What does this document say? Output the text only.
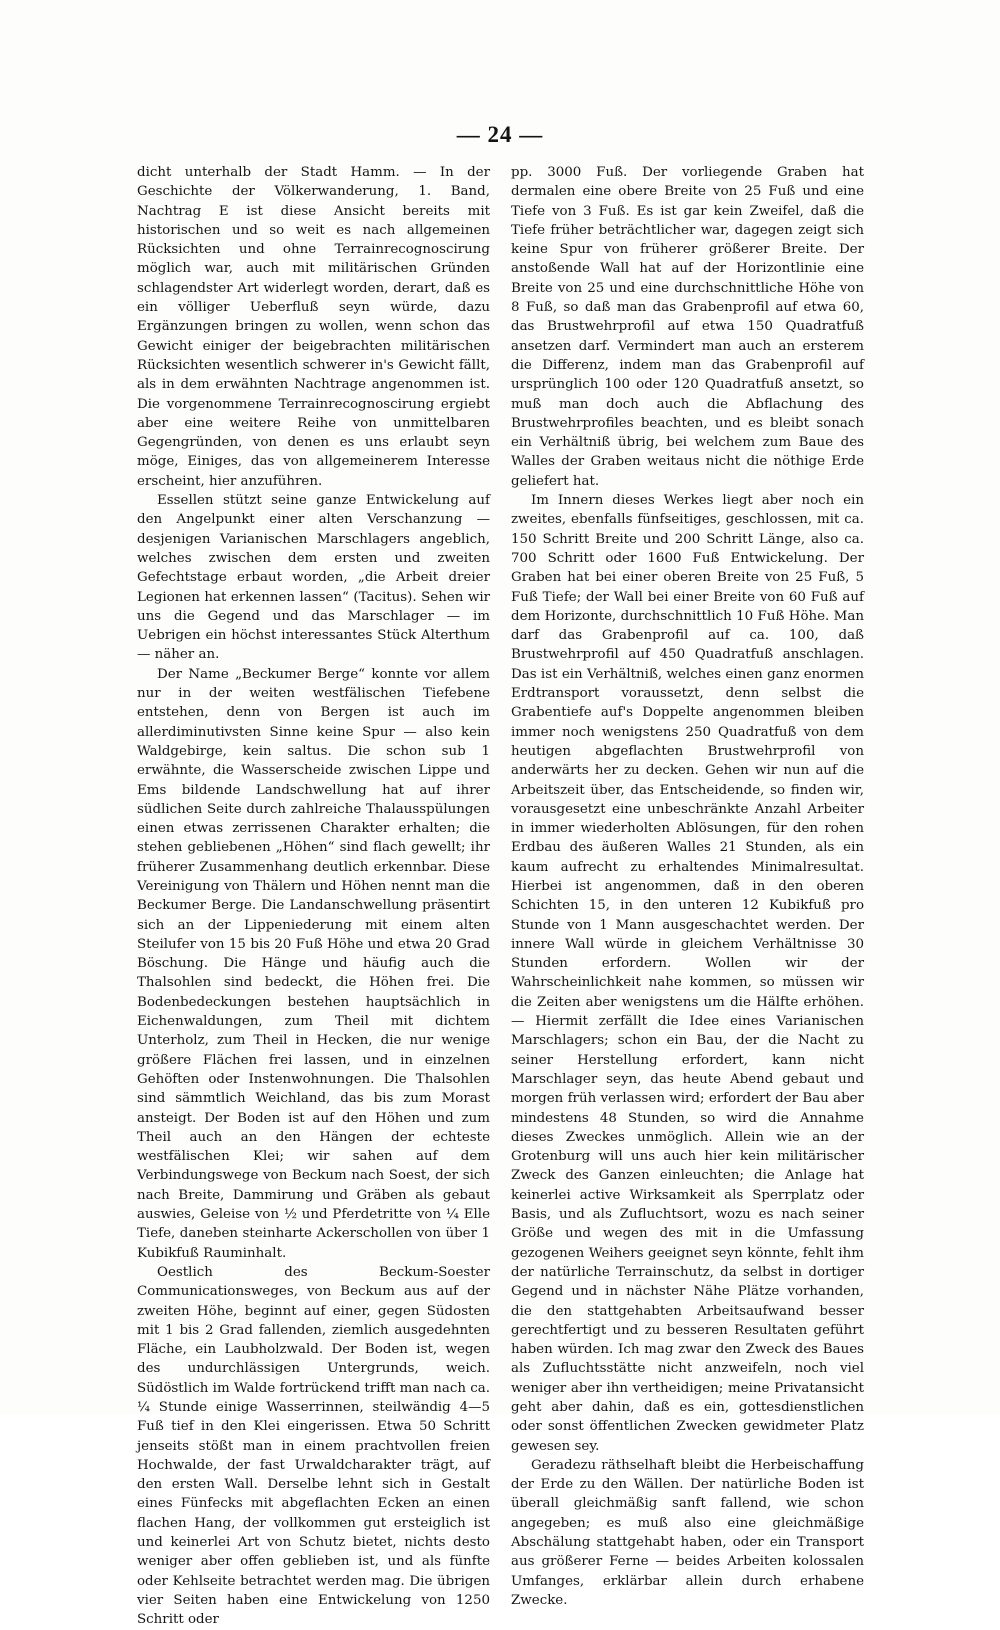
— 24 —

dicht unterhalb der Stadt Hamm. — In der Geschichte der Völkerwanderung, 1. Band, Nachtrag E ist diese Ansicht bereits mit historischen und so weit es nach allgemeinen Rücksichten und ohne Terrainrecognoscirung möglich war, auch mit militärischen Gründen schlagendster Art widerlegt worden, derart, daß es ein völliger Ueberfluß seyn würde, dazu Ergänzungen bringen zu wollen, wenn schon das Gewicht einiger der beigebrachten militärischen Rücksichten wesentlich schwerer in's Gewicht fällt, als in dem erwähnten Nachtrage angenommen ist. Die vorgenommene Terrainrecognoscirung ergiebt aber eine weitere Reihe von unmittelbaren Gegengründen, von denen es uns erlaubt seyn möge, Einiges, das von allgemeinerem Interesse erscheint, hier anzuführen.

Essellen stützt seine ganze Entwickelung auf den Angelpunkt einer alten Verschanzung — desjenigen Varianischen Marschlagers angeblich, welches zwischen dem ersten und zweiten Gefechtstage erbaut worden, „die Arbeit dreier Legionen hat erkennen lassen“ (Tacitus). Sehen wir uns die Gegend und das Marschlager — im Uebrigen ein höchst interessantes Stück Alterthum — näher an.

Der Name „Beckumer Berge“ konnte vor allem nur in der weiten westfälischen Tiefebene entstehen, denn von Bergen ist auch im allerdiminutivsten Sinne keine Spur — also kein Waldgebirge, kein saltus. Die schon sub 1 erwähnte, die Wasserscheide zwischen Lippe und Ems bildende Landschwellung hat auf ihrer südlichen Seite durch zahlreiche Thalausspülungen einen etwas zerrissenen Charakter erhalten; die stehen gebliebenen „Höhen“ sind flach gewellt; ihr früherer Zusammenhang deutlich erkennbar. Diese Vereinigung von Thälern und Höhen nennt man die Beckumer Berge. Die Landanschwellung präsentirt sich an der Lippeniederung mit einem alten Steilufer von 15 bis 20 Fuß Höhe und etwa 20 Grad Böschung. Die Hänge und häufig auch die Thalsohlen sind bedeckt, die Höhen frei. Die Bodenbedeckungen bestehen hauptsächlich in Eichenwaldungen, zum Theil mit dichtem Unterholz, zum Theil in Hecken, die nur wenige größere Flächen frei lassen, und in einzelnen Gehöften oder Instenwohnungen. Die Thalsohlen sind sämmtlich Weichland, das bis zum Morast ansteigt. Der Boden ist auf den Höhen und zum Theil auch an den Hängen der echteste westfälischen Klei; wir sahen auf dem Verbindungswege von Beckum nach Soest, der sich nach Breite, Dammirung und Gräben als gebaut auswies, Geleise von ½ und Pferdetritte von ¼ Elle Tiefe, daneben steinharte Ackerschollen von über 1 Kubikfuß Rauminhalt.

Oestlich des Beckum-Soester Communicationsweges, von Beckum aus auf der zweiten Höhe, beginnt auf einer, gegen Südosten mit 1 bis 2 Grad fallenden, ziemlich ausgedehnten Fläche, ein Laubholzwald. Der Boden ist, wegen des undurchlässigen Untergrunds, weich. Südöstlich im Walde fortrückend trifft man nach ca. ¼ Stunde einige Wasserrinnen, steilwändig 4—5 Fuß tief in den Klei eingerissen. Etwa 50 Schritt jenseits stößt man in einem prachtvollen freien Hochwalde, der fast Urwaldcharakter trägt, auf den ersten Wall. Derselbe lehnt sich in Gestalt eines Fünfecks mit abgeflachten Ecken an einen flachen Hang, der vollkommen gut ersteiglich ist und keinerlei Art von Schutz bietet, nichts desto weniger aber offen geblieben ist, und als fünfte oder Kehlseite betrachtet werden mag. Die übrigen vier Seiten haben eine Entwickelung von 1250 Schritt oder

pp. 3000 Fuß. Der vorliegende Graben hat dermalen eine obere Breite von 25 Fuß und eine Tiefe von 3 Fuß. Es ist gar kein Zweifel, daß die Tiefe früher beträchtlicher war, dagegen zeigt sich keine Spur von früherer größerer Breite. Der anstoßende Wall hat auf der Horizontlinie eine Breite von 25 und eine durchschnittliche Höhe von 8 Fuß, so daß man das Grabenprofil auf etwa 60, das Brustwehrprofil auf etwa 150 Quadratfuß ansetzen darf. Vermindert man auch an ersterem die Differenz, indem man das Grabenprofil auf ursprünglich 100 oder 120 Quadratfuß ansetzt, so muß man doch auch die Abflachung des Brustwehrprofiles beachten, und es bleibt sonach ein Verhältniß übrig, bei welchem zum Baue des Walles der Graben weitaus nicht die nöthige Erde geliefert hat.

Im Innern dieses Werkes liegt aber noch ein zweites, ebenfalls fünfseitiges, geschlossen, mit ca. 150 Schritt Breite und 200 Schritt Länge, also ca. 700 Schritt oder 1600 Fuß Entwickelung. Der Graben hat bei einer oberen Breite von 25 Fuß, 5 Fuß Tiefe; der Wall bei einer Breite von 60 Fuß auf dem Horizonte, durchschnittlich 10 Fuß Höhe. Man darf das Grabenprofil auf ca. 100, daß Brustwehrprofil auf 450 Quadratfuß anschlagen. Das ist ein Verhältniß, welches einen ganz enormen Erdtransport voraussetzt, denn selbst die Grabentiefe auf's Doppelte angenommen bleiben immer noch wenigstens 250 Quadratfuß von dem heutigen abgeflachten Brustwehrprofil von anderwärts her zu decken. Gehen wir nun auf die Arbeitszeit über, das Entscheidende, so finden wir, vorausgesetzt eine unbeschränkte Anzahl Arbeiter in immer wiederholten Ablösungen, für den rohen Erdbau des äußeren Walles 21 Stunden, als ein kaum aufrecht zu erhaltendes Minimalresultat. Hierbei ist angenommen, daß in den oberen Schichten 15, in den unteren 12 Kubikfuß pro Stunde von 1 Mann ausgeschachtet werden. Der innere Wall würde in gleichem Verhältnisse 30 Stunden erfordern. Wollen wir der Wahrscheinlichkeit nahe kommen, so müssen wir die Zeiten aber wenigstens um die Hälfte erhöhen. — Hiermit zerfällt die Idee eines Varianischen Marschlagers; schon ein Bau, der die Nacht zu seiner Herstellung erfordert, kann nicht Marschlager seyn, das heute Abend gebaut und morgen früh verlassen wird; erfordert der Bau aber mindestens 48 Stunden, so wird die Annahme dieses Zweckes unmöglich. Allein wie an der Grotenburg will uns auch hier kein militärischer Zweck des Ganzen einleuchten; die Anlage hat keinerlei active Wirksamkeit als Sperrplatz oder Basis, und als Zufluchtsort, wozu es nach seiner Größe und wegen des mit in die Umfassung gezogenen Weihers geeignet seyn könnte, fehlt ihm der natürliche Terrainschutz, da selbst in dortiger Gegend und in nächster Nähe Plätze vorhanden, die den stattgehabten Arbeitsaufwand besser gerechtfertigt und zu besseren Resultaten geführt haben würden. Ich mag zwar den Zweck des Baues als Zufluchtsstätte nicht anzweifeln, noch viel weniger aber ihn vertheidigen; meine Privatansicht geht aber dahin, daß es ein, gottesdienstlichen oder sonst öffentlichen Zwecken gewidmeter Platz gewesen sey.

Geradezu räthselhaft bleibt die Herbeischaffung der Erde zu den Wällen. Der natürliche Boden ist überall gleichmäßig sanft fallend, wie schon angegeben; es muß also eine gleichmäßige Abschälung stattgehabt haben, oder ein Transport aus größerer Ferne — beides Arbeiten kolossalen Umfanges, erklärbar allein durch erhabene Zwecke.
